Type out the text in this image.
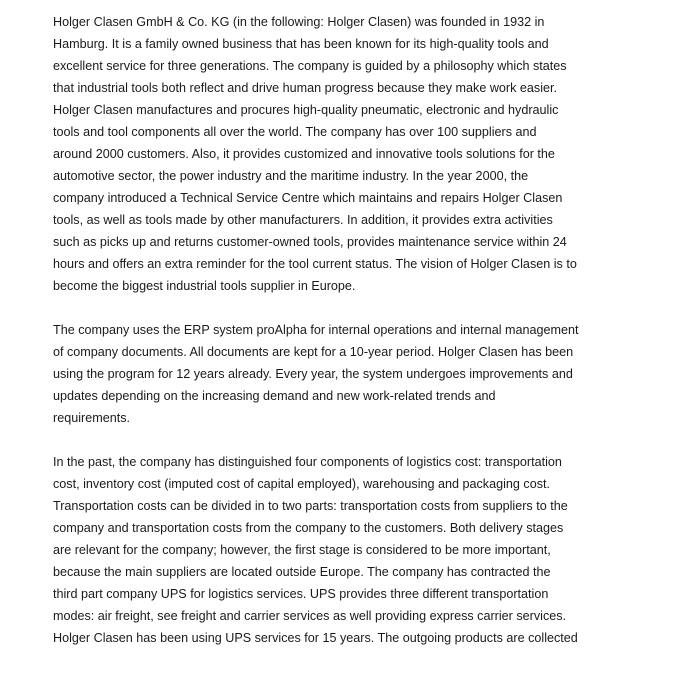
Holger Clasen GmbH & Co. KG (in the following: Holger Clasen) was founded in 1932 in
Hamburg. It is a family owned business that has been known for its high-quality tools and
excellent service for three generations. The company is guided by a philosophy which states
that industrial tools both reflect and drive human progress because they make work easier.
Holger Clasen manufactures and procures high-quality pneumatic, electronic and hydraulic
tools and tool components all over the world. The company has over 100 suppliers and
around 2000 customers. Also, it provides customized and innovative tools solutions for the
automotive sector, the power industry and the maritime industry. In the year 2000, the
company introduced a Technical Service Centre which maintains and repairs Holger Clasen
tools, as well as tools made by other manufacturers. In addition, it provides extra activities
such as picks up and returns customer-owned tools, provides maintenance service within 24
hours and offers an extra reminder for the tool current status. The vision of Holger Clasen is to
become the biggest industrial tools supplier in Europe.

The company uses the ERP system proAlpha for internal operations and internal management
of company documents. All documents are kept for a 10-year period. Holger Clasen has been
using the program for 12 years already. Every year, the system undergoes improvements and
updates depending on the increasing demand and new work-related trends and
requirements.

In the past, the company has distinguished four components of logistics cost: transportation
cost, inventory cost (imputed cost of capital employed), warehousing and packaging cost.
Transportation costs can be divided in to two parts: transportation costs from suppliers to the
company and transportation costs from the company to the customers. Both delivery stages
are relevant for the company; however, the first stage is considered to be more important,
because the main suppliers are located outside Europe. The company has contracted the
third part company UPS for logistics services. UPS provides three different transportation
modes: air freight, see freight and carrier services as well providing express carrier services.
Holger Clasen has been using UPS services for 15 years. The outgoing products are collected
